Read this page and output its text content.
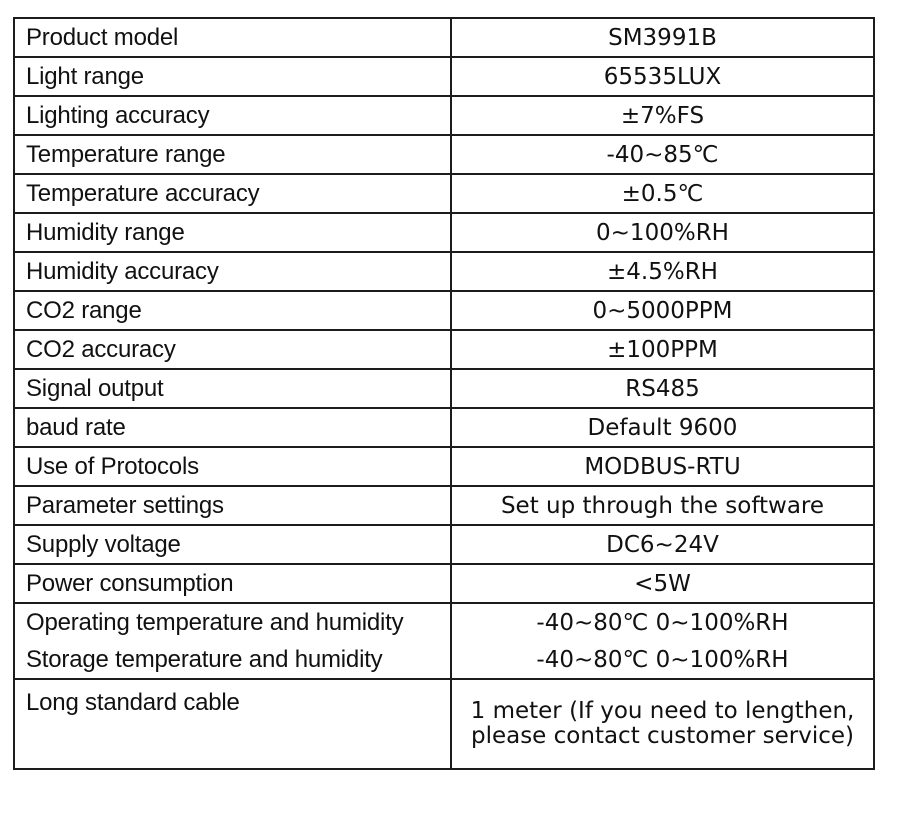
Product model	SM3991B
Light range	65535LUX
Lighting accuracy	±7%FS
Temperature range	-40~85℃
Temperature accuracy	±0.5℃
Humidity range	0~100%RH
Humidity accuracy	±4.5%RH
CO2 range	0~5000PPM
CO2 accuracy	±100PPM
Signal output	RS485
baud rate	Default 9600
Use of Protocols	MODBUS-RTU
Parameter settings	Set up through the software
Supply voltage	DC6~24V
Power consumption	<5W
Operating temperature and humidity	-40~80℃ 0~100%RH
Storage temperature and humidity	-40~80℃ 0~100%RH
Long standard cable	1 meter (If you need to lengthen,
please contact customer service)
